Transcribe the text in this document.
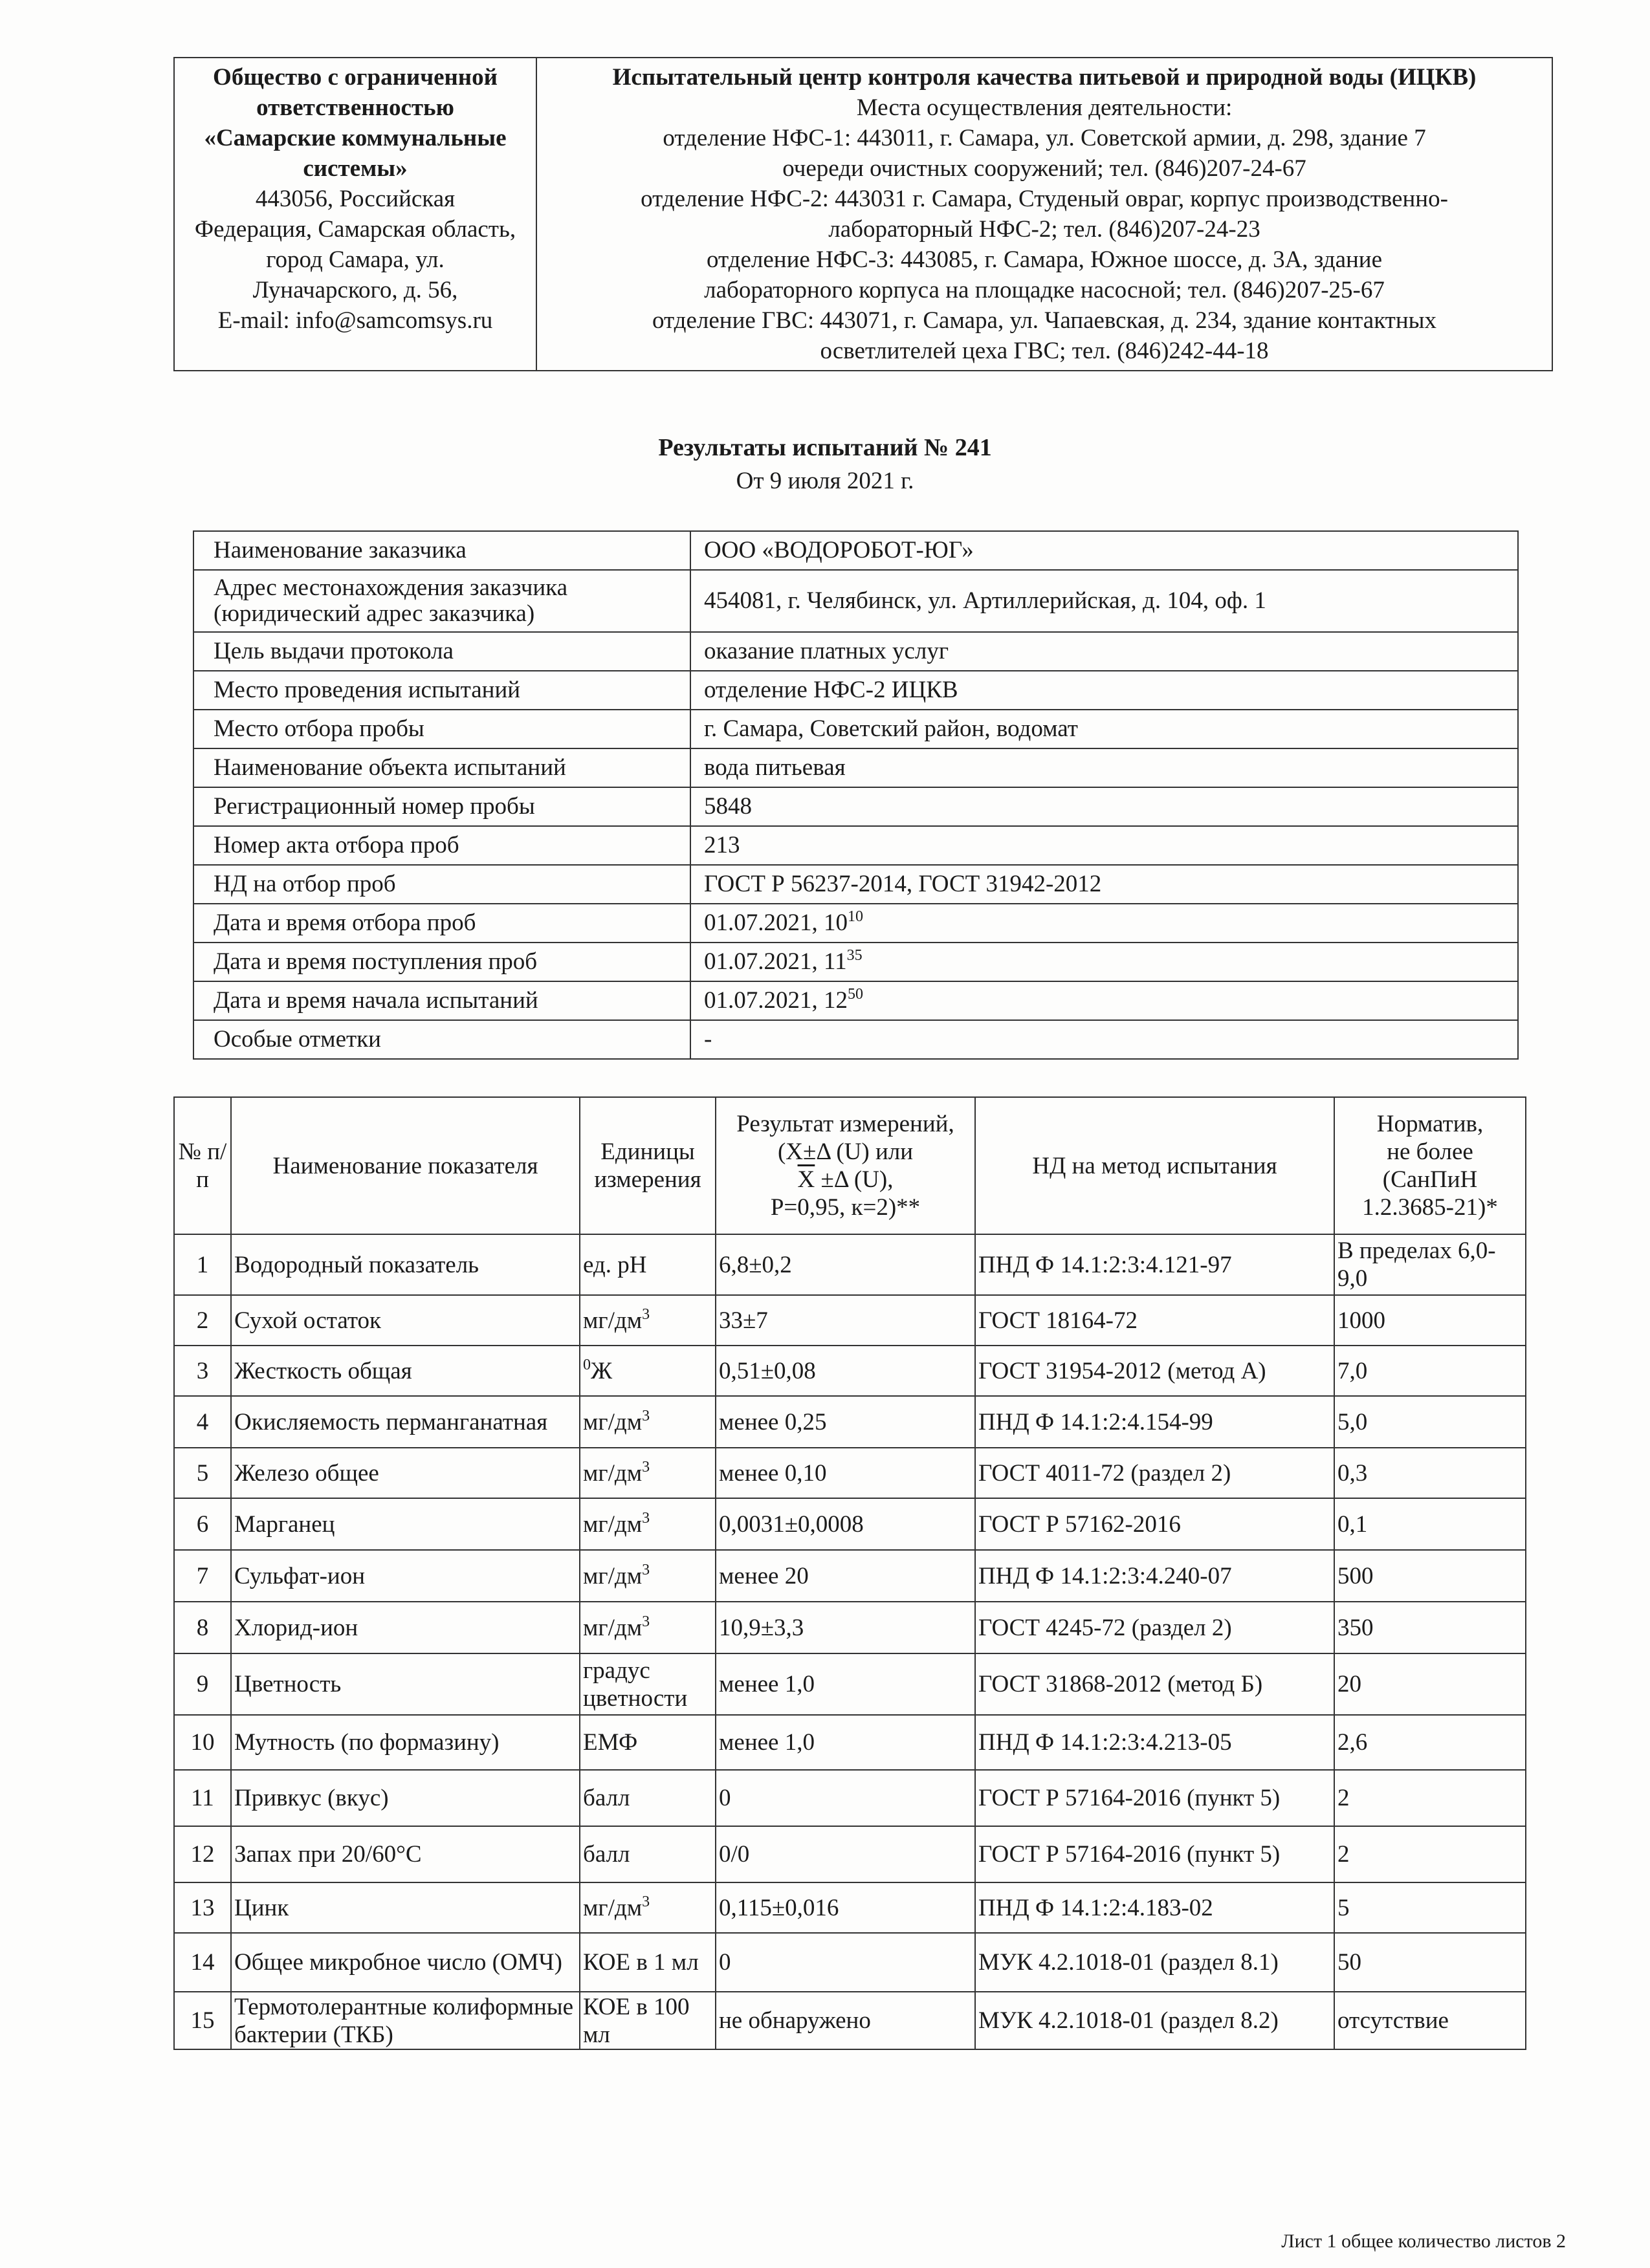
Общество с ограниченной
ответственностью
«Самарские коммунальные
системы»
443056, Российская
Федерация, Самарская область,
город Самара, ул.
Луначарского, д. 56,
E-mail: info@samcomsys.ru	Испытательный центр контроля качества питьевой и природной воды (ИЦКВ)
Места осуществления деятельности:
отделение НФС-1: 443011, г. Самара, ул. Советской армии, д. 298, здание 7
очереди очистных сооружений; тел. (846)207-24-67
отделение НФС-2: 443031 г. Самара, Студеный овраг, корпус производственно-
лабораторный НФС-2; тел. (846)207-24-23
отделение НФС-3: 443085, г. Самара, Южное шоссе, д. 3А, здание
лабораторного корпуса на площадке насосной; тел. (846)207-25-67
отделение ГВС: 443071, г. Самара, ул. Чапаевская, д. 234, здание контактных
осветлителей цеха ГВС; тел. (846)242-44-18
Результаты испытаний № 241
От 9 июля 2021 г.
Наименование заказчика	ООО «ВОДОРОБОТ-ЮГ»
Адрес местонахождения заказчика (юридический адрес заказчика)	454081, г. Челябинск, ул. Артиллерийская, д. 104, оф. 1
Цель выдачи протокола	оказание платных услуг
Место проведения испытаний	отделение НФС-2 ИЦКВ
Место отбора пробы	г. Самара, Советский район, водомат
Наименование объекта испытаний	вода питьевая
Регистрационный номер пробы	5848
Номер акта отбора проб	213
НД на отбор проб	ГОСТ Р 56237-2014, ГОСТ 31942-2012
Дата и время отбора проб	01.07.2021, $10^{10}$
Дата и время поступления проб	01.07.2021, $11^{35}$
Дата и время начала испытаний	01.07.2021, $12^{50}$
Особые отметки	-
№ п/п	Наименование показателя	Единицы измерения	Результат измерений,
(X±Δ (U) или
$\overline{X} \pm\Delta$ (U),
P=0,95, к=2)**	НД на метод испытания	Норматив,
не более
(СанПиН
1.2.3685-21)*
1	Водородный показатель	ед. pH	6,8±0,2	ПНД Ф 14.1:2:3:4.121-97	В пределах 6,0-9,0
2	Сухой остаток	$мг/дм^3$	33±7	ГОСТ 18164-72	1000
3	Жесткость общая	$^0$Ж	0,51±0,08	ГОСТ 31954-2012 (метод А)	7,0
4	Окисляемость перманганатная	$мг/дм^3$	менее 0,25	ПНД Ф 14.1:2:4.154-99	5,0
5	Железо общее	$мг/дм^3$	менее 0,10	ГОСТ 4011-72 (раздел 2)	0,3
6	Марганец	$мг/дм^3$	0,0031±0,0008	ГОСТ Р 57162-2016	0,1
7	Сульфат-ион	$мг/дм^3$	менее 20	ПНД Ф 14.1:2:3:4.240-07	500
8	Хлорид-ион	$мг/дм^3$	10,9±3,3	ГОСТ 4245-72 (раздел 2)	350
9	Цветность	градус цветности	менее 1,0	ГОСТ 31868-2012 (метод Б)	20
10	Мутность (по формазину)	ЕМФ	менее 1,0	ПНД Ф 14.1:2:3:4.213-05	2,6
11	Привкус (вкус)	балл	0	ГОСТ Р 57164-2016 (пункт 5)	2
12	Запах при 20/60°С	балл	0/0	ГОСТ Р 57164-2016 (пункт 5)	2
13	Цинк	$мг/дм^3$	0,115±0,016	ПНД Ф 14.1:2:4.183-02	5
14	Общее микробное число (ОМЧ)	КОЕ в 1 мл	0	МУК 4.2.1018-01 (раздел 8.1)	50
15	Термотолерантные колиформные бактерии (ТКБ)	КОЕ в 100 мл	не обнаружено	МУК 4.2.1018-01 (раздел 8.2)	отсутствие
Лист 1 общее количество листов 2
